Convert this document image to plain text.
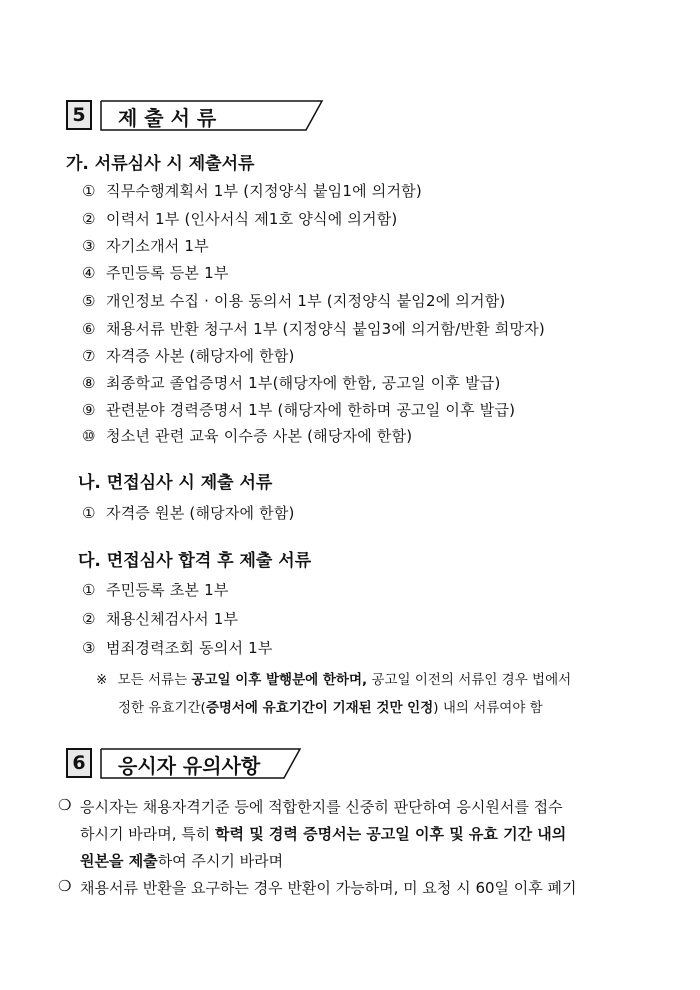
5	제 출 서 류
가. 서류심사 시 제출서류
① 직무수행계획서 1부 (지정양식 붙임1에 의거함)
② 이력서 1부 (인사서식 제1호 양식에 의거함)
③ 자기소개서 1부
④ 주민등록 등본 1부
⑤ 개인정보 수집 · 이용 동의서 1부 (지정양식 붙임2에 의거함)
⑥ 채용서류 반환 청구서 1부 (지정양식 붙임3에 의거함/반환 희망자)
⑦ 자격증 사본 (해당자에 한함)
⑧ 최종학교 졸업증명서 1부(해당자에 한함, 공고일 이후 발급)
⑨ 관련분야 경력증명서 1부 (해당자에 한하며 공고일 이후 발급)
⑩ 청소년 관련 교육 이수증 사본 (해당자에 한함)
나. 면접심사 시 제출 서류
① 자격증 원본 (해당자에 한함)
다. 면접심사 합격 후 제출 서류
① 주민등록 초본 1부
② 채용신체검사서 1부
③ 범죄경력조회 동의서 1부
※ 모든 서류는 공고일 이후 발행분에 한하며, 공고일 이전의 서류인 경우 법에서
정한 유효기간(증명서에 유효기간이 기재된 것만 인정) 내의 서류여야 함
6	응시자 유의사항
❍ 응시자는 채용자격기준 등에 적합한지를 신중히 판단하여 응시원서를 접수
하시기 바라며, 특히 학력 및 경력 증명서는 공고일 이후 및 유효 기간 내의
원본을 제출하여 주시기 바라며
❍ 채용서류 반환을 요구하는 경우 반환이 가능하며, 미 요청 시 60일 이후 폐기
